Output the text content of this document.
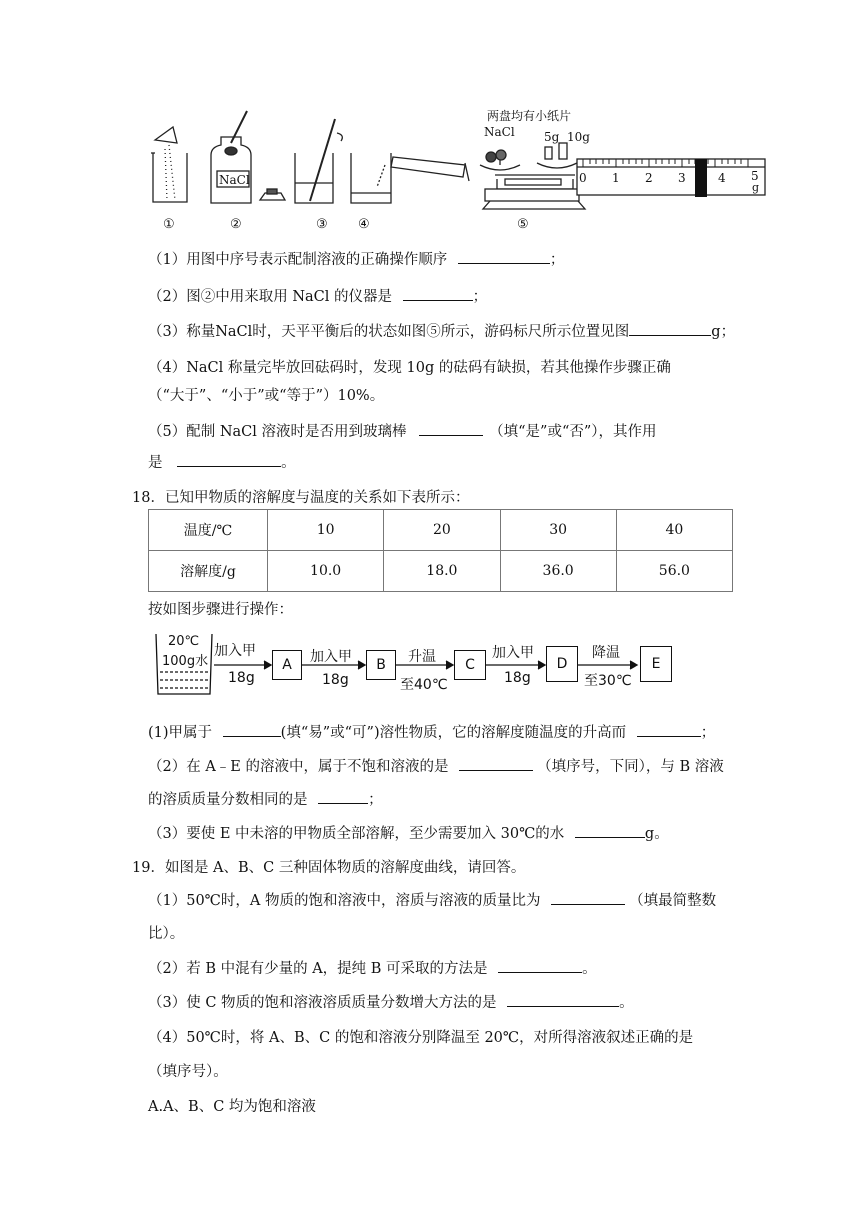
两盘均有小纸片
NaCl 5g  10g
NaCl	0 1 2 3	4 5
g
①	②	③ ④	⑤
（1）用图中序号表示配制溶液的正确操作顺序	；
（2）图②中用来取用 NaCl 的仪器是	；
（3）称量NaCl时，天平平衡后的状态如图⑤所示，游码标尺所示位置见图	g；
（4）NaCl 称量完毕放回砝码时，发现 10g 的砝码有缺损，若其他操作步骤正确
（“大于”、“小于”或“等于”）10%。
（5）配制 NaCl 溶液时是否用到玻璃棒	（填“是”或“否”），其作用
是	。
18．已知甲物质的溶解度与温度的关系如下表所示：
温度/℃	10	20	30	40
溶解度/g	10.0	18.0	36.0	56.0
按如图步骤进行操作：
20℃
100g水
加入甲
18g
A	加入甲
18g
B	升温
至40℃
C
加入甲
18g
D
降温
至30℃
E
(1)甲属于	(填“易”或“可”)溶性物质，它的溶解度随温度的升高而	；
（2）在 A﹣E 的溶液中，属于不饱和溶液的是	（填序号，下同），与 B 溶液
的溶质质量分数相同的是	；
（3）要使 E 中未溶的甲物质全部溶解，至少需要加入 30℃的水	g。
19．如图是 A、B、C 三种固体物质的溶解度曲线，请回答。
（1）50℃时，A 物质的饱和溶液中，溶质与溶液的质量比为	（填最简整数
比）。
（2）若 B 中混有少量的 A，提纯 B 可采取的方法是	。
（3）使 C 物质的饱和溶液溶质质量分数增大方法的是	。
（4）50℃时，将 A、B、C 的饱和溶液分别降温至 20℃，对所得溶液叙述正确的是
（填序号）。
A.A、B、C 均为饱和溶液
